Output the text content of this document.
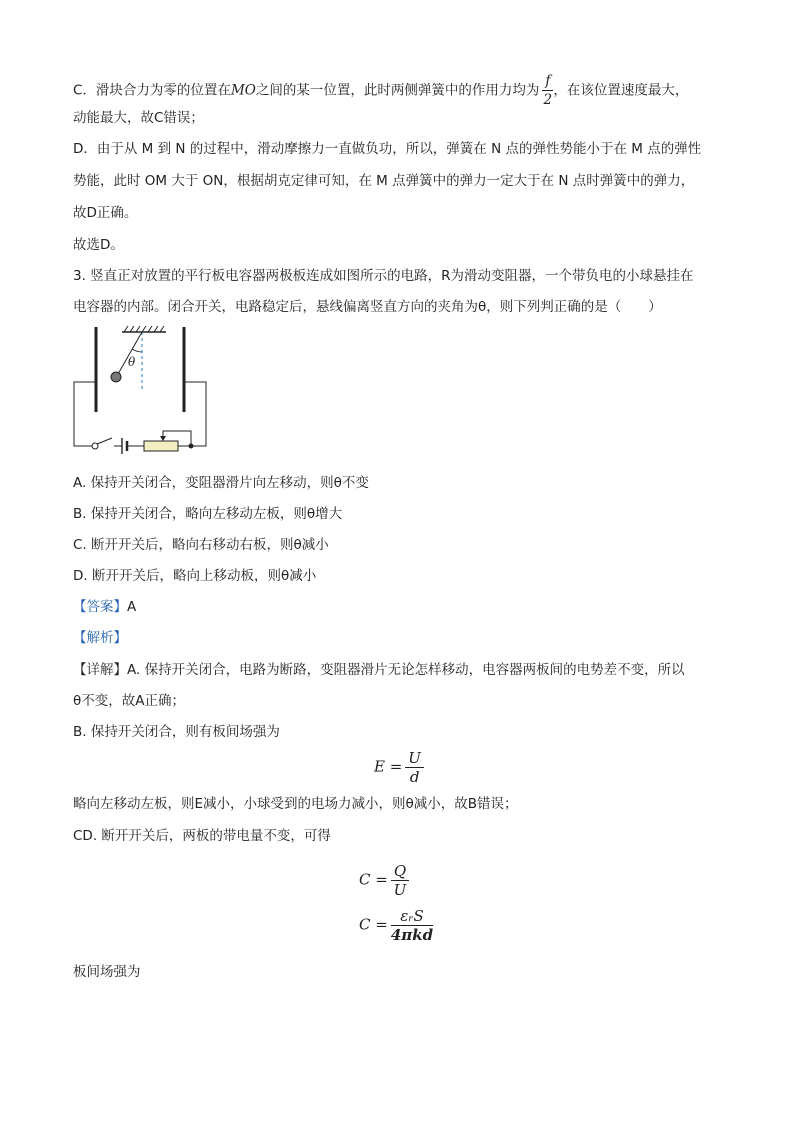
C．滑块合力为零的位置在MO之间的某一位置，此时两侧弹簧中的作用力均为 $\frac{f}{2}$ ，在该位置速度最大，
动能最大，故C错误；
D．由于从 M 到 N 的过程中，滑动摩擦力一直做负功，所以，弹簧在 N 点的弹性势能小于在 M 点的弹性
势能，此时 OM 大于 ON，根据胡克定律可知，在 M 点弹簧中的弹力一定大于在 N 点时弹簧中的弹力，
故D正确。
故选D。
3. 竖直正对放置的平行板电容器两极板连成如图所示的电路，R为滑动变阻器，一个带负电的小球悬挂在
电容器的内部。闭合开关，电路稳定后，悬线偏离竖直方向的夹角为θ，则下列判正确的是（　　）
θ
A. 保持开关闭合，变阻器滑片向左移动，则θ不变
B. 保持开关闭合，略向左移动左板，则θ增大
C. 断开开关后，略向右移动右板，则θ减小
D. 断开开关后，略向上移动板，则θ减小
【答案】A
【解析】
【详解】A. 保持开关闭合，电路为断路，变阻器滑片无论怎样移动，电容器两板间的电势差不变，所以
θ不变，故A正确；
B. 保持开关闭合，则有板间场强为
$E = \frac{U}{d}$
略向左移动左板，则E减小，小球受到的电场力减小，则θ减小，故B错误；
CD. 断开开关后，两板的带电量不变，可得
$C = \frac{Q}{U}$
$C = \frac{\text{εᵣS}}{\text{4πkd}}$
板间场强为
